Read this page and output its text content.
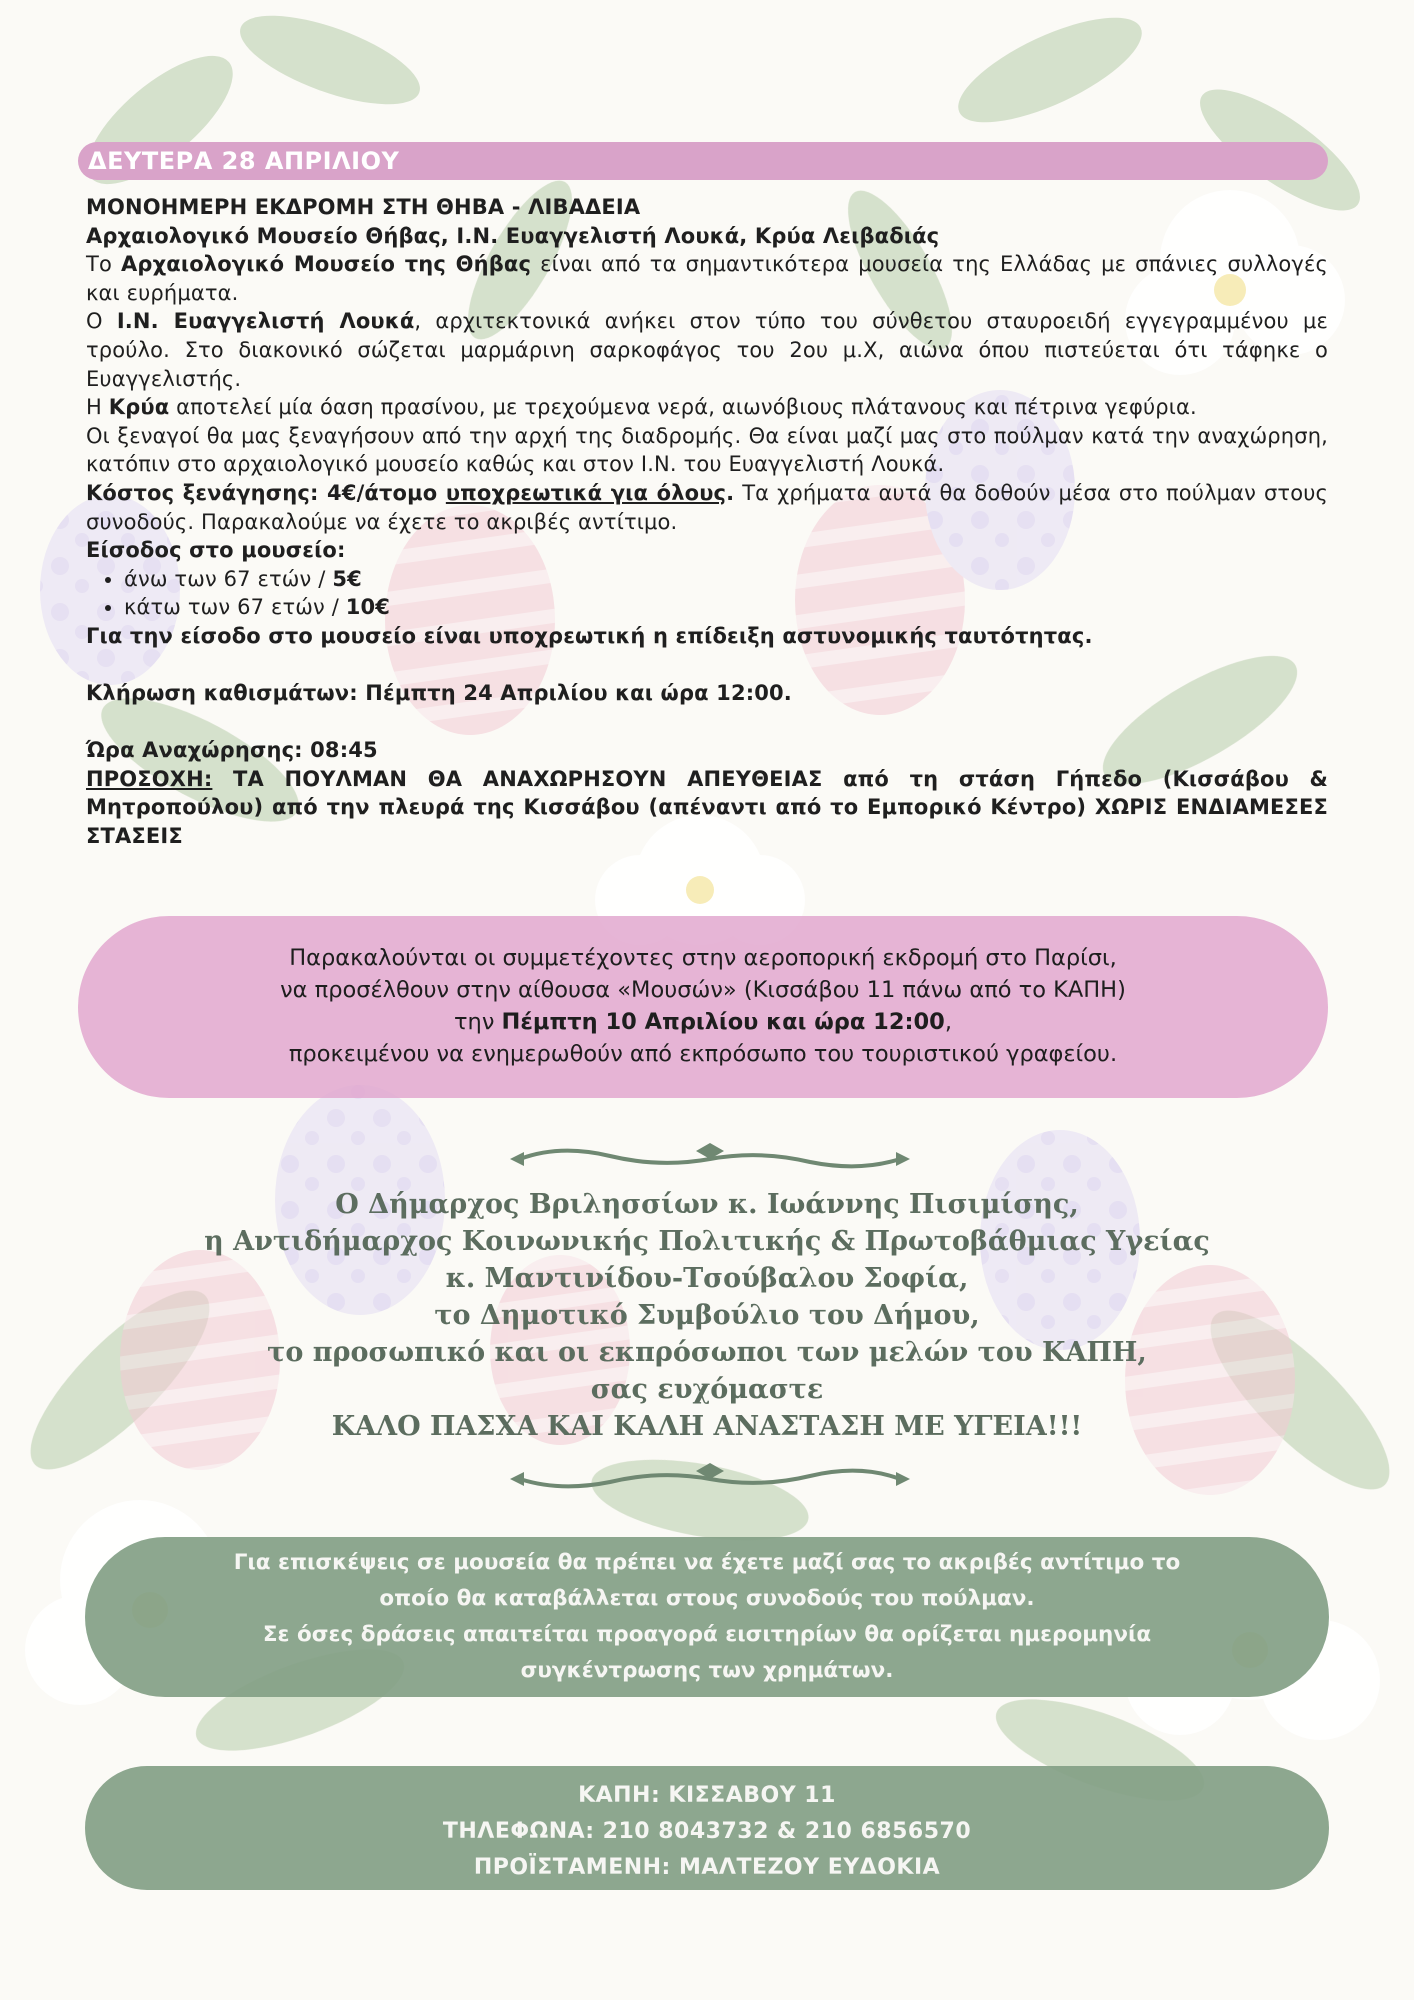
ΔΕΥΤΕΡΑ 28 ΑΠΡΙΛΙΟΥ

ΜΟΝΟΗΜΕΡΗ ΕΚΔΡΟΜΗ ΣΤΗ ΘΗΒΑ - ΛΙΒΑΔΕΙΑ

Αρχαιολογικό Μουσείο Θήβας, Ι.Ν. Ευαγγελιστή Λουκά, Κρύα Λειβαδιάς

Το Αρχαιολογικό Μουσείο της Θήβας είναι από τα σημαντικότερα μουσεία της Ελλάδας με σπάνιες συλλογές και ευρήματα.

Ο Ι.Ν. Ευαγγελιστή Λουκά, αρχιτεκτονικά ανήκει στον τύπο του σύνθετου σταυροειδή εγγεγραμμένου με τρούλο. Στο διακονικό σώζεται μαρμάρινη σαρκοφάγος του 2ου μ.Χ, αιώνα όπου πιστεύεται ότι τάφηκε ο Ευαγγελιστής.

Η Κρύα αποτελεί μία όαση πρασίνου, με τρεχούμενα νερά, αιωνόβιους πλάτανους και πέτρινα γεφύρια.

Οι ξεναγοί θα μας ξεναγήσουν από την αρχή της διαδρομής. Θα είναι μαζί μας στο πούλμαν κατά την αναχώρηση, κατόπιν στο αρχαιολογικό μουσείο καθώς και στον Ι.Ν. του Ευαγγελιστή Λουκά.

Κόστος ξενάγησης: 4€/άτομο υποχρεωτικά για όλους. Τα χρήματα αυτά θα δοθούν μέσα στο πούλμαν στους συνοδούς. Παρακαλούμε να έχετε το ακριβές αντίτιμο.

Είσοδος στο μουσείο:

• άνω των 67 ετών / 5€
• κάτω των 67 ετών / 10€

Για την είσοδο στο μουσείο είναι υποχρεωτική η επίδειξη αστυνομικής ταυτότητας.

Κλήρωση καθισμάτων: Πέμπτη 24 Απριλίου και ώρα 12:00.

Ώρα Αναχώρησης: 08:45

ΠΡΟΣΟΧΗ: ΤΑ ΠΟΥΛΜΑΝ ΘΑ ΑΝΑΧΩΡΗΣΟΥΝ ΑΠΕΥΘΕΙΑΣ από τη στάση Γήπεδο (Κισσάβου & Μητροπούλου) από την πλευρά της Κισσάβου (απέναντι από το Εμπορικό Κέντρο) ΧΩΡΙΣ ΕΝΔΙΑΜΕΣΕΣ ΣΤΑΣΕΙΣ

Παρακαλούνται οι συμμετέχοντες στην αεροπορική εκδρομή στο Παρίσι,
να προσέλθουν στην αίθουσα «Μουσών» (Κισσάβου 11 πάνω από το ΚΑΠΗ)
την Πέμπτη 10 Απριλίου και ώρα 12:00,
προκειμένου να ενημερωθούν από εκπρόσωπο του τουριστικού γραφείου.
Ο Δήμαρχος Βριλησσίων κ. Ιωάννης Πισιμίσης,
η Αντιδήμαρχος Κοινωνικής Πολιτικής & Πρωτοβάθμιας Υγείας
κ. Μαντινίδου-Τσούβαλου Σοφία,
το Δημοτικό Συμβούλιο του Δήμου,
το προσωπικό και οι εκπρόσωποι των μελών του ΚΑΠΗ,
σας ευχόμαστε
ΚΑΛΟ ΠΑΣΧΑ ΚΑΙ ΚΑΛΗ ΑΝΑΣΤΑΣΗ ΜΕ ΥΓΕΙΑ!!!
Για επισκέψεις σε μουσεία θα πρέπει να έχετε μαζί σας το ακριβές αντίτιμο το
οποίο θα καταβάλλεται στους συνοδούς του πούλμαν.
Σε όσες δράσεις απαιτείται προαγορά εισιτηρίων θα ορίζεται ημερομηνία
συγκέντρωσης των χρημάτων.
ΚΑΠΗ: ΚΙΣΣΑΒΟΥ 11
ΤΗΛΕΦΩΝΑ: 210 8043732 & 210 6856570
ΠΡΟΪΣΤΑΜΕΝΗ: ΜΑΛΤΕΖΟΥ ΕΥΔΟΚΙΑ
